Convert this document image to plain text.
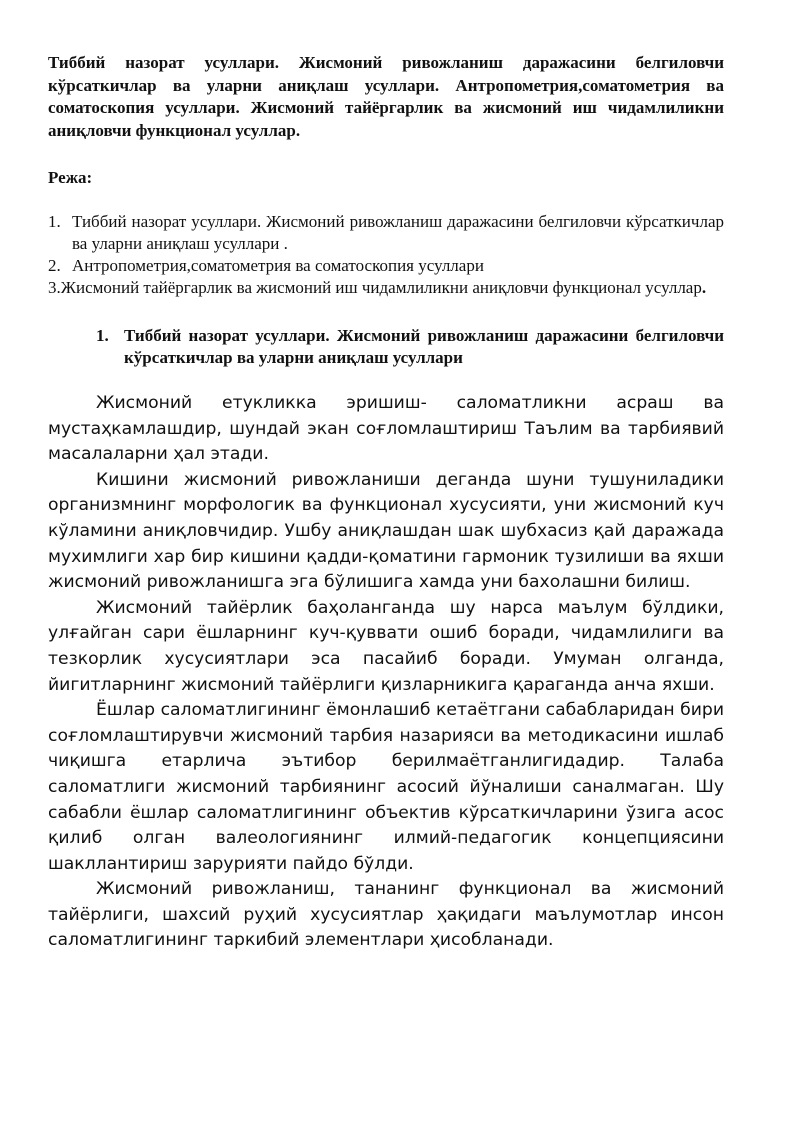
Тиббий назорат усуллари. Жисмоний ривожланиш даражасини белгиловчи кўрсаткичлар ва уларни аниқлаш усуллари. Антропометрия,соматометрия ва соматоскопия усуллари. Жисмоний тайёргарлик ва жисмоний иш чидамлиликни аниқловчи функционал усуллар.

Режа:

1. Тиббий назорат усуллари. Жисмоний ривожланиш даражасини белгиловчи кўрсаткичлар ва уларни аниқлаш усуллари .
2. Антропометрия,соматометрия ва соматоскопия усуллари
3.Жисмоний тайёргарлик ва жисмоний иш чидамлиликни аниқловчи функционал усуллар.
1. Тиббий назорат усуллари. Жисмоний ривожланиш даражасини белгиловчи кўрсаткичлар ва уларни аниқлаш усуллари

Жисмоний етукликка эришиш- саломатликни асраш ва мустаҳкамлашдир, шундай экан соғломлаштириш Таълим ва тарбиявий масалаларни ҳал этади.

Кишини жисмоний ривожланиши деганда шуни тушуниладики организмнинг морфологик ва функционал хусусияти, уни жисмоний куч кўламини аниқловчидир. Ушбу аниқлашдан шак шубхасиз қай даражада мухимлиги хар бир кишини қадди-қоматини гармоник тузилиши ва яхши жисмоний ривожланишга эга бўлишига хамда уни бахолашни билиш.

Жисмоний тайёрлик баҳоланганда шу нарса маълум бўлдики, улғайган сари ёшларнинг куч-қуввати ошиб боради, чидамлилиги ва тезкорлик хусусиятлари эса пасайиб боради. Умуман олганда, йигитларнинг жисмоний тайёрлиги қизларникига қараганда анча яхши.

Ёшлар саломатлигининг ёмонлашиб кетаётгани сабабларидан бири соғломлаштирувчи жисмоний тарбия назарияси ва методикасини ишлаб чиқишга етарлича эътибор берилмаётганлигидадир. Талаба саломатлиги жисмоний тарбиянинг асосий йўналиши саналмаган. Шу сабабли ёшлар саломатлигининг объектив кўрсаткичларини ўзига асос қилиб олган валеологиянинг илмий-педагогик концепциясини шакллантириш зарурияти пайдо бўлди.

Жисмоний ривожланиш, тананинг функционал ва жисмоний тайёрлиги, шахсий руҳий хусусиятлар ҳақидаги маълумотлар инсон саломатлигининг таркибий элементлари ҳисобланади.
